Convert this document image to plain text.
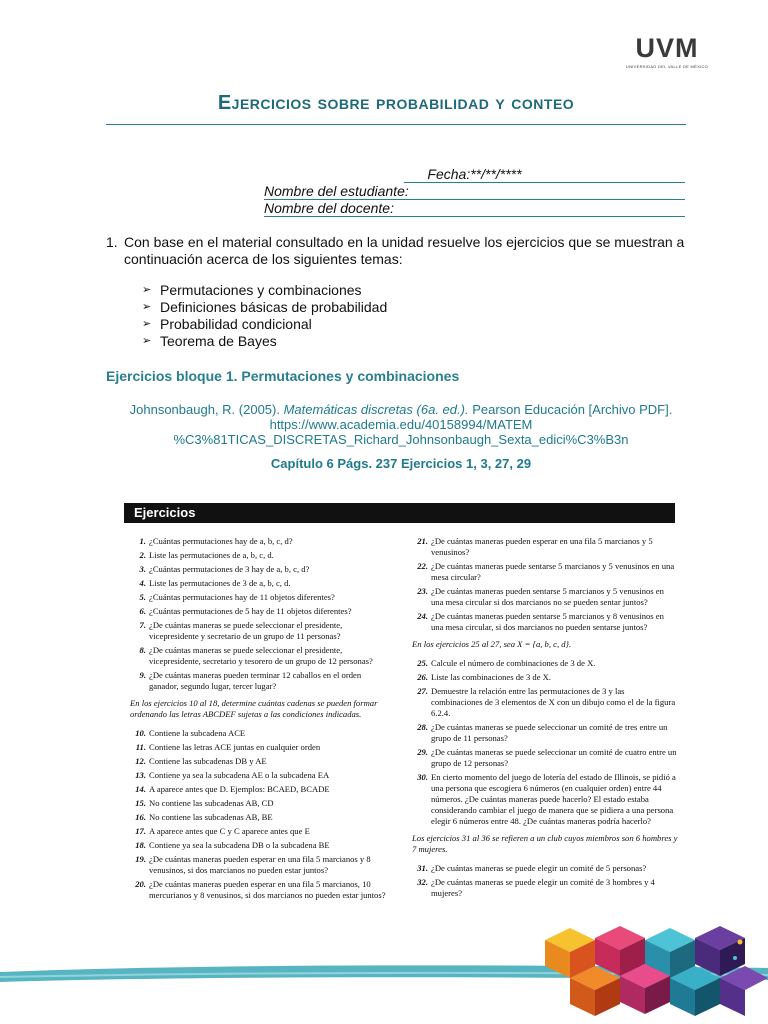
UVM
UNIVERSIDAD DEL VALLE DE MÉXICO
Ejercicios sobre probabilidad y conteo
Fecha:**/**/****
Nombre del estudiante:
Nombre del docente:
1. Con base en el material consultado en la unidad resuelve los ejercicios que se muestran a continuación acerca de los siguientes temas:
➢ Permutaciones y combinaciones
➢ Definiciones básicas de probabilidad
➢ Probabilidad condicional
➢ Teorema de Bayes
Ejercicios bloque 1. Permutaciones y combinaciones
Johnsonbaugh, R. (2005). Matemáticas discretas (6a. ed.). Pearson Educación [Archivo PDF].
https://www.academia.edu/40158994/MATEM
%C3%81TICAS_DISCRETAS_Richard_Johnsonbaugh_Sexta_edici%C3%B3n
Capítulo 6 Págs. 237 Ejercicios 1, 3, 27, 29
Ejercicios
1. ¿Cuántas permutaciones hay de a, b, c, d?
2. Liste las permutaciones de a, b, c, d.
3. ¿Cuántas permutaciones de 3 hay de a, b, c, d?
4. Liste las permutaciones de 3 de a, b, c, d.
5. ¿Cuántas permutaciones hay de 11 objetos diferentes?
6. ¿Cuántas permutaciones de 5 hay de 11 objetos diferentes?
7. ¿De cuántas maneras se puede seleccionar el presidente, vicepresidente y secretario de un grupo de 11 personas?
8. ¿De cuántas maneras se puede seleccionar el presidente, vicepresidente, secretario y tesorero de un grupo de 12 personas?
9. ¿De cuántas maneras pueden terminar 12 caballos en el orden ganador, segundo lugar, tercer lugar?
En los ejercicios 10 al 18, determine cuántas cadenas se pueden formar ordenando las letras ABCDEF sujetas a las condiciones indicadas.
10. Contiene la subcadena ACE
11. Contiene las letras ACE juntas en cualquier orden
12. Contiene las subcadenas DB y AE
13. Contiene ya sea la subcadena AE o la subcadena EA
14. A aparece antes que D. Ejemplos: BCAED, BCADE
15. No contiene las subcadenas AB, CD
16. No contiene las subcadenas AB, BE
17. A aparece antes que C y C aparece antes que E
18. Contiene ya sea la subcadena DB o la subcadena BE
19. ¿De cuántas maneras pueden esperar en una fila 5 marcianos y 8 venusinos, si dos marcianos no pueden estar juntos?
20. ¿De cuántas maneras pueden esperar en una fila 5 marcianos, 10 mercurianos y 8 venusinos, si dos marcianos no pueden estar juntos?
21. ¿De cuántas maneras pueden esperar en una fila 5 marcianos y 5 venusinos?
22. ¿De cuántas maneras puede sentarse 5 marcianos y 5 venusinos en una mesa circular?
23. ¿De cuántas maneras pueden sentarse 5 marcianos y 5 venusinos en una mesa circular si dos marcianos no se pueden sentar juntos?
24. ¿De cuántas maneras pueden sentarse 5 marcianos y 8 venusinos en una mesa circular, si dos marcianos no pueden sentarse juntos?
En los ejercicios 25 al 27, sea X = {a, b, c, d}.
25. Calcule el número de combinaciones de 3 de X.
26. Liste las combinaciones de 3 de X.
27. Demuestre la relación entre las permutaciones de 3 y las combinaciones de 3 elementos de X con un dibujo como el de la figura 6.2.4.
28. ¿De cuántas maneras se puede seleccionar un comité de tres entre un grupo de 11 personas?
29. ¿De cuántas maneras se puede seleccionar un comité de cuatro entre un grupo de 12 personas?
30. En cierto momento del juego de lotería del estado de Illinois, se pidió a una persona que escogiera 6 números (en cualquier orden) entre 44 números. ¿De cuántas maneras puede hacerlo? El estado estaba considerando cambiar el juego de manera que se pidiera a una persona elegir 6 números entre 48. ¿De cuántas maneras podría hacerlo?
Los ejercicios 31 al 36 se refieren a un club cuyos miembros son 6 hombres y 7 mujeres.
31. ¿De cuántas maneras se puede elegir un comité de 5 personas?
32. ¿De cuántas maneras se puede elegir un comité de 3 hombres y 4 mujeres?
